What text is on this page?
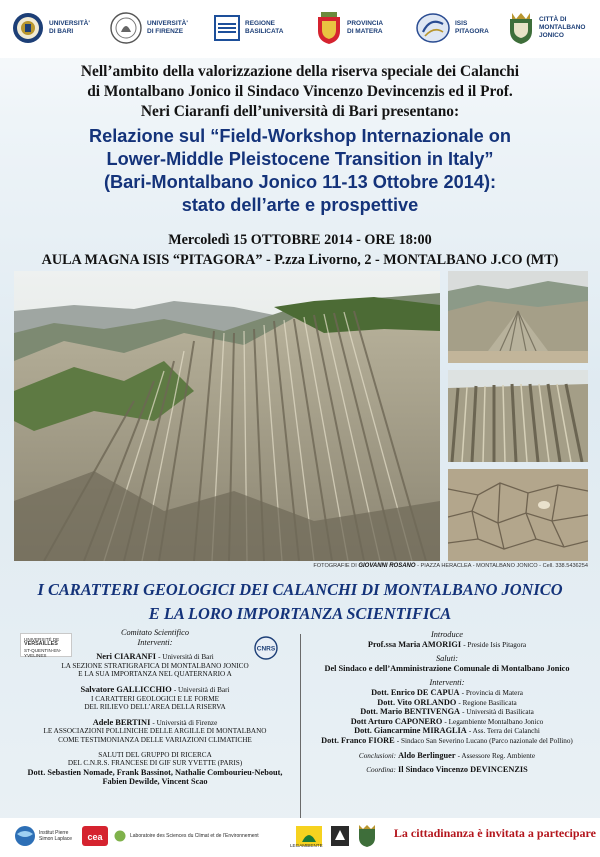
UNIVERSITÀ'
DI BARI
UNIVERSITÀ'
DI FIRENZE
REGIONE
BASILICATA
PROVINCIA
DI MATERA
ISIS
PITAGORA
CITTÀ DI
MONTALBANO
JONICO
Nell’ambito della valorizzazione della riserva speciale dei Calanchi
di Montalbano Jonico il Sindaco Vincenzo Devincenzis ed il Prof.
Neri Ciaranfi dell’università di Bari presentano:
Relazione sul “Field-Workshop Internazionale on
Lower-Middle Pleistocene Transition in Italy”
(Bari-Montalbano Jonico 11-13 Ottobre 2014):
stato dell’arte e prospettive
Mercoledì 15 OTTOBRE 2014 - ORE 18:00
AULA MAGNA ISIS “PITAGORA” - P.zza Livorno, 2 - MONTALBANO J.CO (MT)
FOTOGRAFIE DI GIOVANNI ROSANO - PIAZZA HERACLEA - MONTALBANO JONICO - Cell. 338.5436254
I CARATTERI GEOLOGICI DEI CALANCHI DI MONTALBANO JONICO
E LA LORO IMPORTANZA SCIENTIFICA
UNIVERSITÉ DE
VERSAILLES
ST-QUENTIN-EN-YVELINES
CNRS
Comitato Scientifico
Interventi:
Neri CIARANFI - Università di Bari
LA SEZIONE STRATIGRAFICA DI MONTALBANO JONICO
E LA SUA IMPORTANZA NEL QUATERNARIO A
Salvatore GALLICCHIO - Università di Bari
I CARATTERI GEOLOGICI E LE FORME
DEL RILIEVO DELL’AREA DELLA RISERVA
Adele BERTINI - Università di Firenze
LE ASSOCIAZIONI POLLINICHE DELLE ARGILLE DI MONTALBANO
COME TESTIMONIANZA DELLE VARIAZIONI CLIMATICHE
SALUTI DEL GRUPPO DI RICERCA
DEL C.N.R.S. FRANCESE DI GIF SUR YVETTE (PARIS)
Dott. Sebastien Nomade, Frank Bassinot, Nathalie Combourieu-Nebout,
Fabien Dewilde, Vincent Scao
Introduce
Prof.ssa Maria AMORIGI - Preside Isis Pitagora
Saluti:
Del Sindaco e dell’Amministrazione Comunale di Montalbano Jonico
Interventi:
Dott. Enrico DE CAPUA - Provincia di Matera
Dott. Vito ORLANDO - Regione Basilicata
Dott. Mario BENTIVENGA - Università di Basilicata
Dott Arturo CAPONERO - Legambiente Montalbano Jonico
Dott. Giancarmine MIRAGLIA - Ass. Terra dei Calanchi
Dott. Franco FIORE - Sindaco San Severino Lucano (Parco nazionale del Pollino)
Conclusioni: Aldo Berlinguer - Assessore Reg. Ambiente
Coordina: Il Sindaco Vincenzo DEVINCENZIS
Institut Pierre Simon Laplace	cea	Laboratoire des Sciences du Climat et de l’Environnement
LEGAMBIENTE
La cittadinanza è invitata a partecipare
